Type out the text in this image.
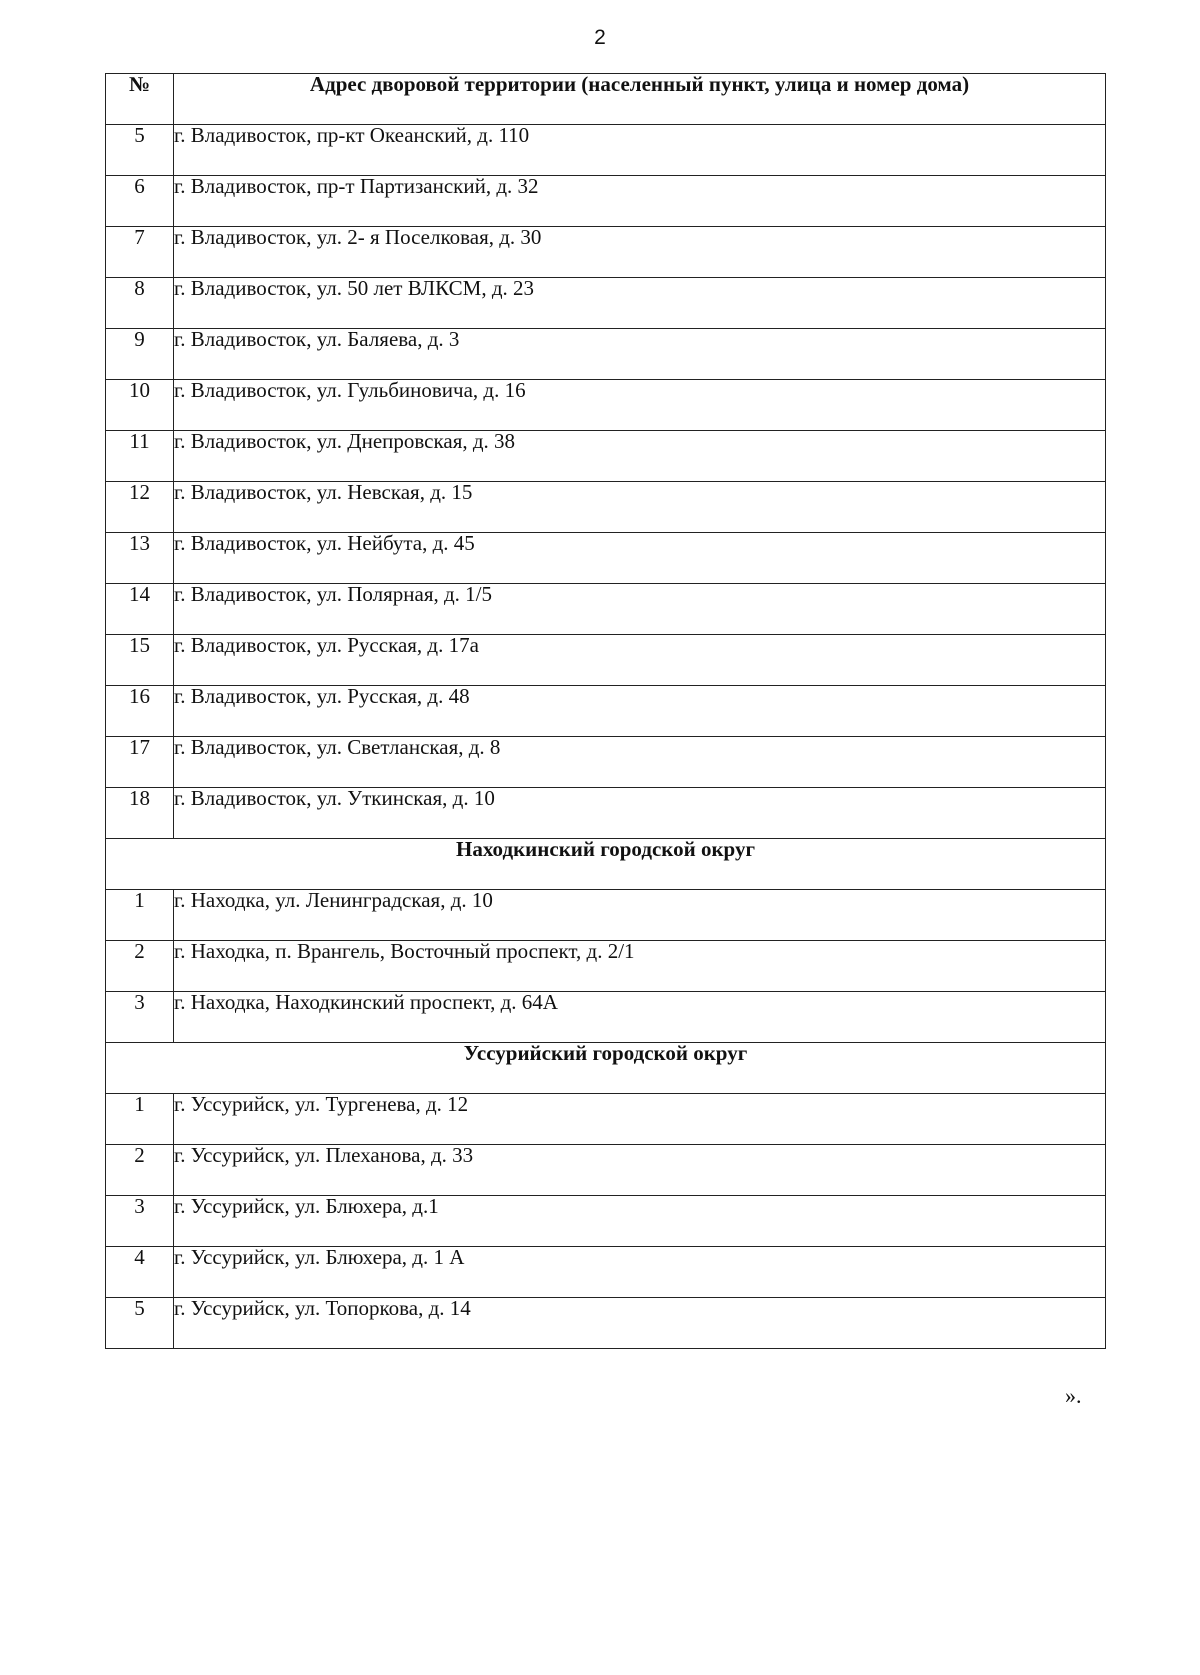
2
№	Адрес дворовой территории (населенный пункт, улица и номер дома)
5	г. Владивосток, пр-кт Океанский, д. 110
6	г. Владивосток, пр-т Партизанский, д. 32
7	г. Владивосток, ул. 2- я Поселковая, д. 30
8	г. Владивосток, ул. 50 лет ВЛКСМ, д. 23
9	г. Владивосток, ул. Баляева, д. 3
10	г. Владивосток, ул. Гульбиновича, д. 16
11	г. Владивосток, ул. Днепровская, д. 38
12	г. Владивосток, ул. Невская, д. 15
13	г. Владивосток, ул. Нейбута, д. 45
14	г. Владивосток, ул. Полярная, д. 1/5
15	г. Владивосток, ул. Русская, д. 17а
16	г. Владивосток, ул. Русская, д. 48
17	г. Владивосток, ул. Светланская, д. 8
18	г. Владивосток, ул. Уткинская, д. 10
Находкинский городской округ	
1	г. Находка, ул. Ленинградская, д. 10
2	г. Находка, п. Врангель, Восточный проспект, д. 2/1
3	г. Находка, Находкинский проспект, д. 64А
Уссурийский городской округ	
1	г. Уссурийск, ул. Тургенева, д. 12
2	г. Уссурийск, ул. Плеханова, д. 33
3	г. Уссурийск, ул. Блюхера, д.1
4	г. Уссурийск, ул. Блюхера, д. 1 А
5	г. Уссурийск, ул. Топоркова, д. 14
».
